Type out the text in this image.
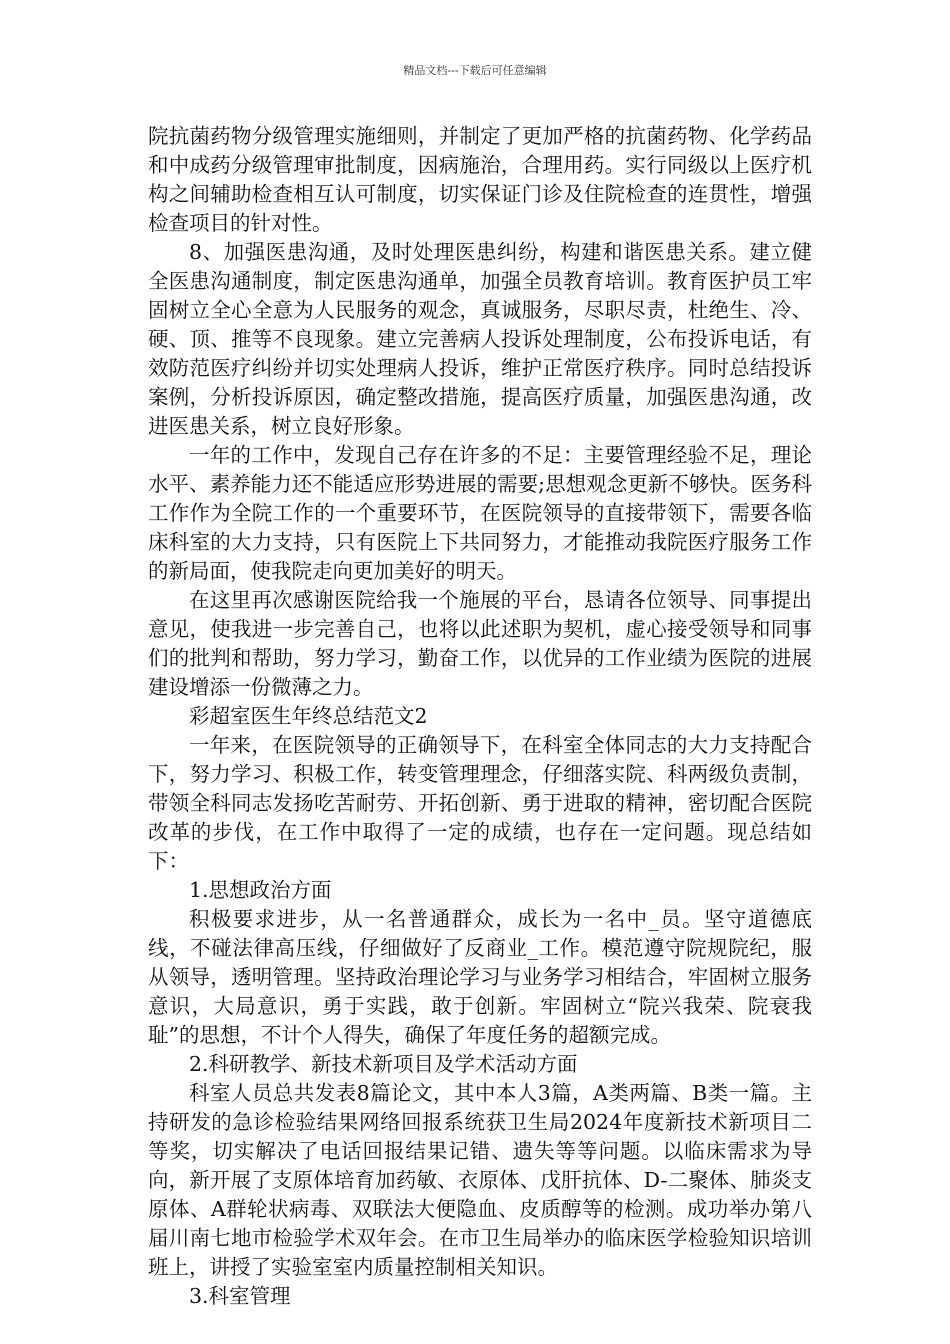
精品文档---下载后可任意编辑

院抗菌药物分级管理实施细则，并制定了更加严格的抗菌药物、化学药品和中成药分级管理审批制度，因病施治，合理用药。实行同级以上医疗机构之间辅助检查相互认可制度，切实保证门诊及住院检查的连贯性，增强检查项目的针对性。

8、加强医患沟通，及时处理医患纠纷，构建和谐医患关系。建立健全医患沟通制度，制定医患沟通单，加强全员教育培训。教育医护员工牢固树立全心全意为人民服务的观念，真诚服务，尽职尽责，杜绝生、冷、硬、顶、推等不良现象。建立完善病人投诉处理制度，公布投诉电话，有效防范医疗纠纷并切实处理病人投诉，维护正常医疗秩序。同时总结投诉案例，分析投诉原因，确定整改措施，提高医疗质量，加强医患沟通，改进医患关系，树立良好形象。

一年的工作中，发现自己存在许多的不足：主要管理经验不足，理论水平、素养能力还不能适应形势进展的需要;思想观念更新不够快。医务科工作作为全院工作的一个重要环节，在医院领导的直接带领下，需要各临床科室的大力支持，只有医院上下共同努力，才能推动我院医疗服务工作的新局面，使我院走向更加美好的明天。

在这里再次感谢医院给我一个施展的平台，恳请各位领导、同事提出意见，使我进一步完善自己，也将以此述职为契机，虚心接受领导和同事们的批判和帮助，努力学习，勤奋工作，以优异的工作业绩为医院的进展建设增添一份微薄之力。

彩超室医生年终总结范文2

一年来，在医院领导的正确领导下，在科室全体同志的大力支持配合下，努力学习、积极工作，转变管理理念，仔细落实院、科两级负责制，带领全科同志发扬吃苦耐劳、开拓创新、勇于进取的精神，密切配合医院改革的步伐，在工作中取得了一定的成绩，也存在一定问题。现总结如下：

1.思想政治方面

积极要求进步，从一名普通群众，成长为一名中_员。坚守道德底线，不碰法律高压线，仔细做好了反商业_工作。模范遵守院规院纪，服从领导，透明管理。坚持政治理论学习与业务学习相结合，牢固树立服务意识，大局意识，勇于实践，敢于创新。牢固树立“院兴我荣、院衰我耻”的思想，不计个人得失，确保了年度任务的超额完成。

2.科研教学、新技术新项目及学术活动方面

科室人员总共发表8篇论文，其中本人3篇，A类两篇、B类一篇。主持研发的急诊检验结果网络回报系统获卫生局2024年度新技术新项目二等奖，切实解决了电话回报结果记错、遗失等等问题。以临床需求为导向，新开展了支原体培育加药敏、衣原体、戊肝抗体、D-二聚体、肺炎支原体、A群轮状病毒、双联法大便隐血、皮质醇等的检测。成功举办第八届川南七地市检验学术双年会。在市卫生局举办的临床医学检验知识培训班上，讲授了实验室室内质量控制相关知识。

3.科室管理
